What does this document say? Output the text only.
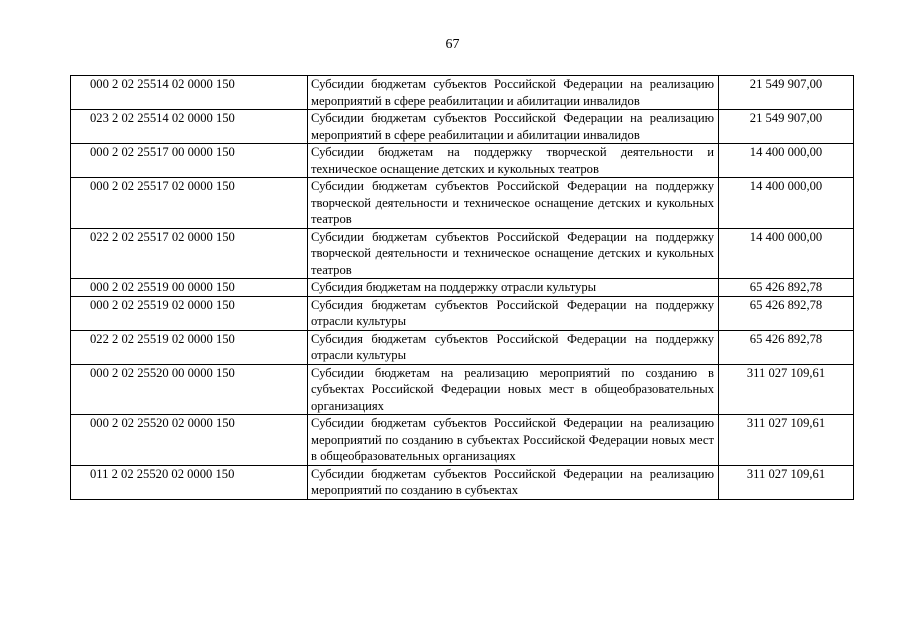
67
000 2 02 25514 02 0000 150	Субсидии бюджетам субъектов Российской Федерации на реализацию мероприятий в сфере реабилитации и абилитации инвалидов	21 549 907,00
023 2 02 25514 02 0000 150	Субсидии бюджетам субъектов Российской Федерации на реализацию мероприятий в сфере реабилитации и абилитации инвалидов	21 549 907,00
000 2 02 25517 00 0000 150	Субсидии бюджетам на поддержку творческой деятельности и техническое оснащение детских и кукольных театров	14 400 000,00
000 2 02 25517 02 0000 150	Субсидии бюджетам субъектов Российской Федерации на поддержку творческой деятельности и техническое оснащение детских и кукольных театров	14 400 000,00
022 2 02 25517 02 0000 150	Субсидии бюджетам субъектов Российской Федерации на поддержку творческой деятельности и техническое оснащение детских и кукольных театров	14 400 000,00
000 2 02 25519 00 0000 150	Субсидия бюджетам на поддержку отрасли культуры	65 426 892,78
000 2 02 25519 02 0000 150	Субсидия бюджетам субъектов Российской Федерации на поддержку отрасли культуры	65 426 892,78
022 2 02 25519 02 0000 150	Субсидия бюджетам субъектов Российской Федерации на поддержку отрасли культуры	65 426 892,78
000 2 02 25520 00 0000 150	Субсидии бюджетам на реализацию мероприятий по созданию в субъектах Российской Федерации новых мест в общеобразовательных организациях	311 027 109,61
000 2 02 25520 02 0000 150	Субсидии бюджетам субъектов Российской Федерации на реализацию мероприятий по созданию в субъектах Российской Федерации новых мест в общеобразовательных организациях	311 027 109,61
011 2 02 25520 02 0000 150	Субсидии бюджетам субъектов Российской Федерации на реализацию мероприятий по созданию в субъектах	311 027 109,61
